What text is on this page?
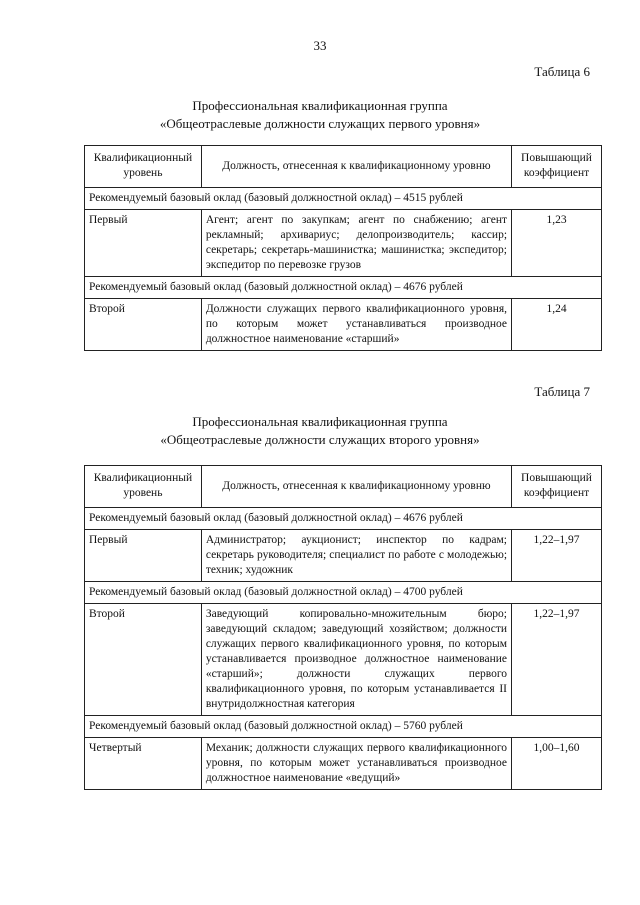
33
Таблица 6
Профессиональная квалификационная группа
«Общеотраслевые должности служащих первого уровня»
Квалификационный уровень	Должность, отнесенная к квалификационному уровню	Повышающий коэффициент
Рекомендуемый базовый оклад (базовый должностной оклад) – 4515 рублей		
Первый	Агент; агент по закупкам; агент по снабжению; агент рекламный; архивариус; делопроизводитель; кассир; секретарь; секретарь-машинистка; машинистка; экспедитор; экспедитор по перевозке грузов	1,23
Рекомендуемый базовый оклад (базовый должностной оклад) – 4676 рублей		
Второй	Должности служащих первого квалификационного уровня, по которым может устанавливаться производное должностное наименование «старший»	1,24
Таблица 7
Профессиональная квалификационная группа
«Общеотраслевые должности служащих второго уровня»
Квалификационный уровень	Должность, отнесенная к квалификационному уровню	Повышающий коэффициент
Рекомендуемый базовый оклад (базовый должностной оклад) – 4676 рублей		
Первый	Администратор; аукционист; инспектор по кадрам; секретарь руководителя; специалист по работе с молодежью; техник; художник	1,22–1,97
Рекомендуемый базовый оклад (базовый должностной оклад) – 4700 рублей		
Второй	Заведующий копировально-множительным бюро; заведующий складом; заведующий хозяйством; должности служащих первого квалификационного уровня, по которым устанавливается производное должностное наименование «старший»; должности служащих первого квалификационного уровня, по которым устанавливается II внутридолжностная категория	1,22–1,97
Рекомендуемый базовый оклад (базовый должностной оклад) – 5760 рублей		
Четвертый	Механик; должности служащих первого квалификационного уровня, по которым может устанавливаться производное должностное наименование «ведущий»	1,00–1,60
